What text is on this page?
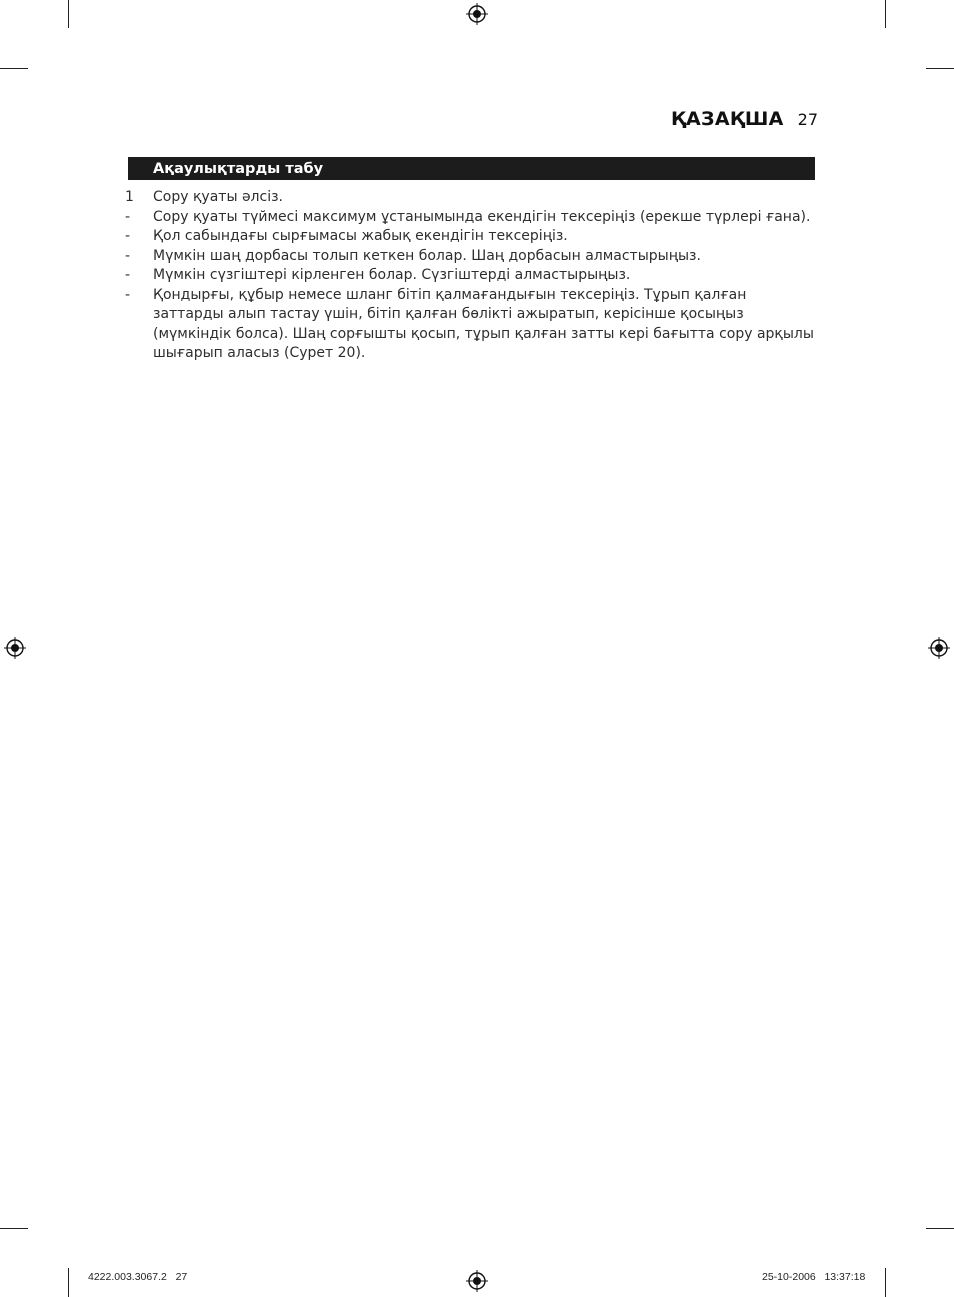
ҚАЗАҚША 27
Ақаулықтарды табу
1	Сору қуаты әлсіз.
-	Сору қуаты түймесі максимум ұстанымында екендігін тексеріңіз (ерекше түрлері ғана).
-	Қол сабындағы сырғымасы жабық екендігін тексеріңіз.
-	Мүмкін шаң дорбасы толып кеткен болар. Шаң дорбасын алмастырыңыз.
-	Мүмкін сүзгіштері кірленген болар. Сүзгіштерді алмастырыңыз.
-	Қондырғы, құбыр немесе шланг бітіп қалмағандығын тексеріңіз. Тұрып қалған заттарды алып тастау үшін, бітіп қалған бөлікті ажыратып, керісінше қосыңыз (мүмкіндік болса). Шаң сорғышты қосып, тұрып қалған затты кері бағытта сору арқылы шығарып аласыз (Сурет 20).
4222.003.3067.2   27	25-10-2006   13:37:18
